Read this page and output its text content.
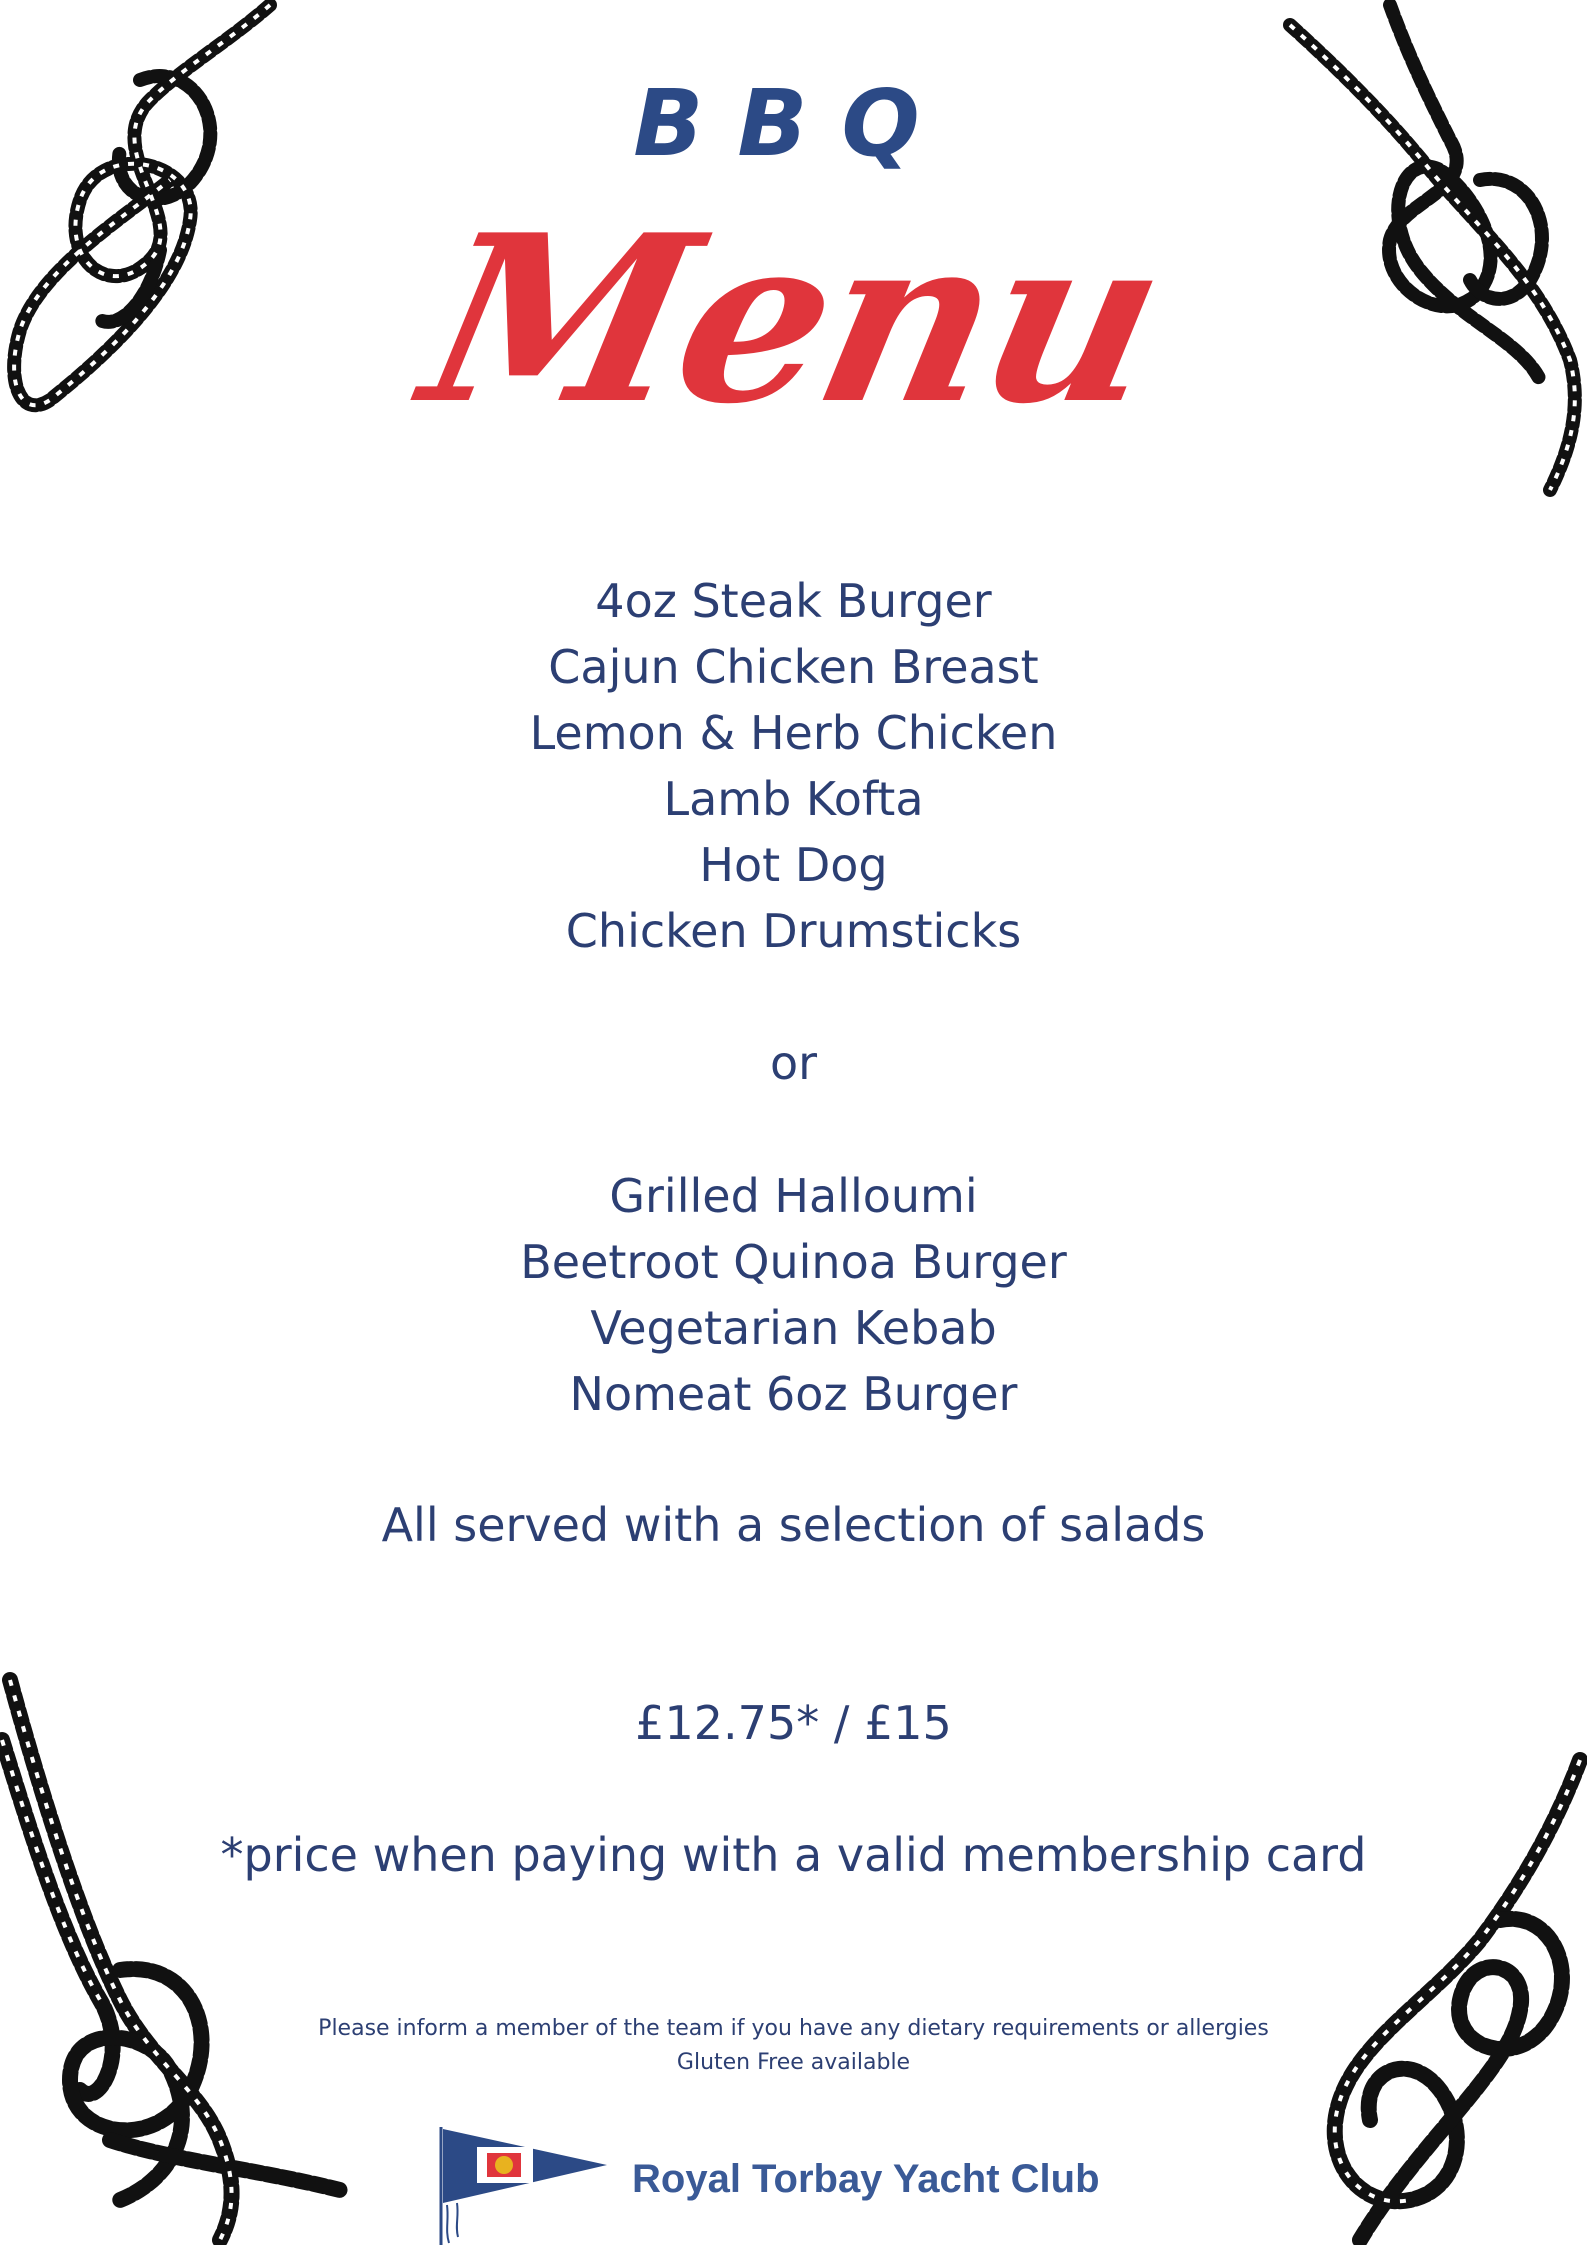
BBQ
Menu
4oz Steak Burger
Cajun Chicken Breast
Lemon & Herb Chicken
Lamb Kofta
Hot Dog
Chicken Drumsticks
or
Grilled Halloumi
Beetroot Quinoa Burger
Vegetarian Kebab
Nomeat 6oz Burger
All served with a selection of salads
£12.75* / £15
*price when paying with a valid membership card
Please inform a member of the team if you have any dietary requirements or allergies
Gluten Free available
Royal Torbay Yacht Club
